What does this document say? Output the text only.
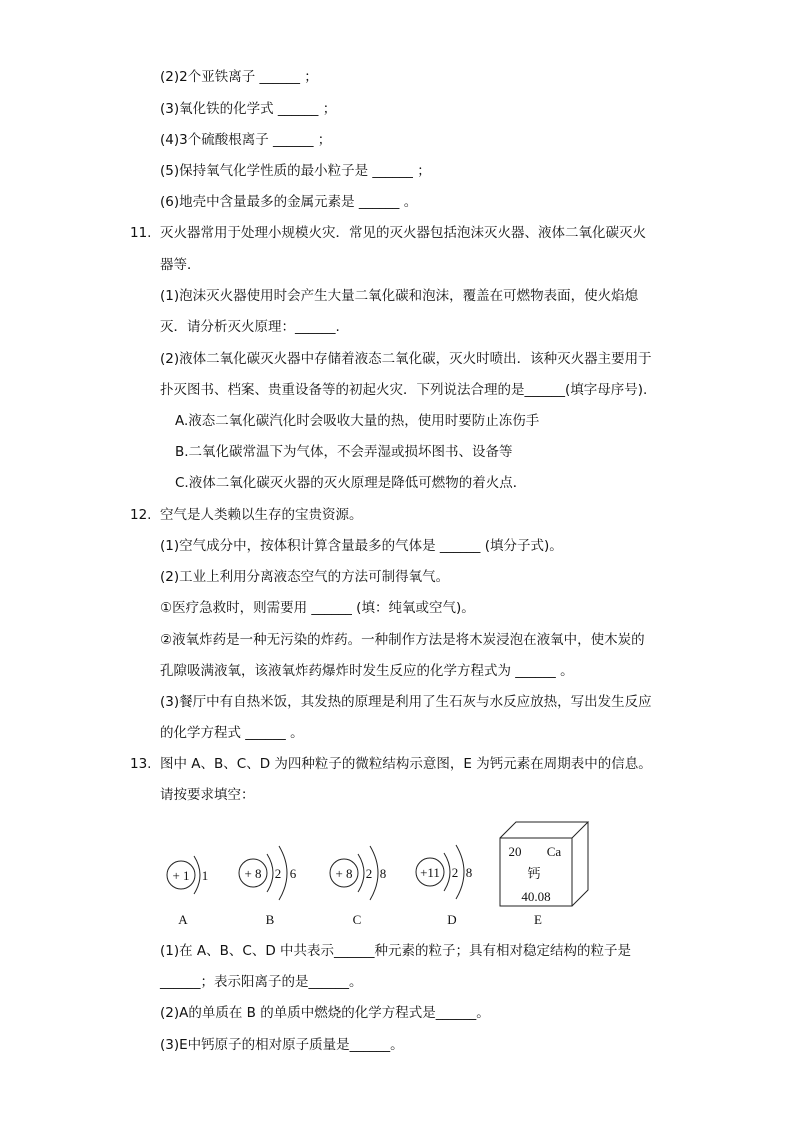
(2)2个亚铁离子 ______ ；
(3)氧化铁的化学式 ______ ；
(4)3个硫酸根离子 ______ ；
(5)保持氧气化学性质的最小粒子是 ______ ；
(6)地壳中含量最多的金属元素是 ______ 。
11. 灭火器常用于处理小规模火灾．常见的灭火器包括泡沫灭火器、液体二氧化碳灭火
器等．
(1)泡沫灭火器使用时会产生大量二氧化碳和泡沫，覆盖在可燃物表面，使火焰熄
灭．请分析灭火原理：______.
(2)液体二氧化碳灭火器中存储着液态二氧化碳，灭火时喷出．该种灭火器主要用于
扑灭图书、档案、贵重设备等的初起火灾．下列说法合理的是______(填字母序号).
A.液态二氧化碳汽化时会吸收大量的热，使用时要防止冻伤手
B.二氧化碳常温下为气体，不会弄湿或损坏图书、设备等
C.液体二氧化碳灭火器的灭火原理是降低可燃物的着火点．
12. 空气是人类赖以生存的宝贵资源。
(1)空气成分中，按体积计算含量最多的气体是 ______ (填分子式)。
(2)工业上利用分离液态空气的方法可制得氧气。
①医疗急救时，则需要用 ______ (填：纯氧或空气)。
②液氧炸药是一种无污染的炸药。一种制作方法是将木炭浸泡在液氧中，使木炭的
孔隙吸满液氧，该液氧炸药爆炸时发生反应的化学方程式为 ______ 。
(3)餐厅中有自热米饭，其发热的原理是利用了生石灰与水反应放热，写出发生反应
的化学方程式 ______ 。
13. 图中 A、B、C、D 为四种粒子的微粒结构示意图，E 为钙元素在周期表中的信息。
请按要求填空：
+ 1 1
A
+ 8 2 6
B
+ 8 2 8
C
+11 2 8
D
20 Ca
钙
40.08
E
(1)在 A、B、C、D 中共表示______种元素的粒子；具有相对稳定结构的粒子是
______；表示阳离子的是______。
(2)A的单质在 B 的单质中燃烧的化学方程式是______。
(3)E中钙原子的相对原子质量是______。
